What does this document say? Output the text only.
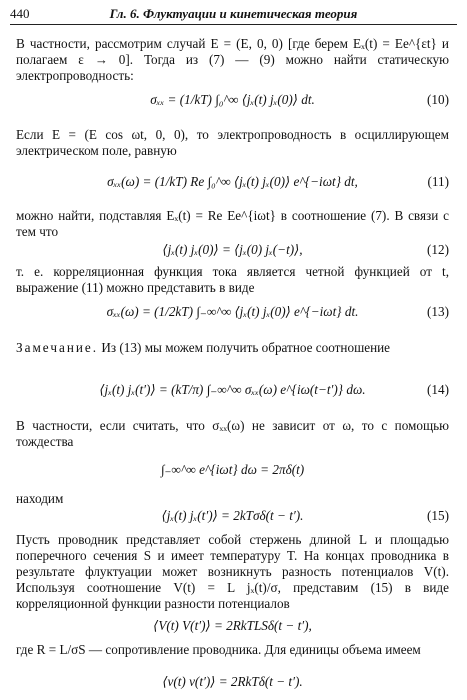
440	Гл. 6. Флуктуации и кинетическая теория
В частности, рассмотрим случай E = (E, 0, 0) [где берем Eₓ(t) = Ee^{εt} и полагаем ε → 0]. Тогда из (7) — (9) можно найти статическую электропроводность:
σₓₓ = (1/kT) ∫₀^∞ ⟨jₓ(t) jₓ(0)⟩ dt.	(10)
Если E = (E cos ωt, 0, 0), то электропроводность в осциллирующем электрическом поле, равную
σₓₓ(ω) = (1/kT) Re ∫₀^∞ ⟨jₓ(t) jₓ(0)⟩ e^{−iωt} dt,	(11)
можно найти, подставляя Eₓ(t) = Re Ee^{iωt} в соотношение (7). В связи с тем что
⟨jₓ(t) jₓ(0)⟩ = ⟨jₓ(0) jₓ(−t)⟩,	(12)
т. е. корреляционная функция тока является четной функцией от t, выражение (11) можно представить в виде
σₓₓ(ω) = (1/2kT) ∫₋∞^∞ ⟨jₓ(t) jₓ(0)⟩ e^{−iωt} dt.	(13)
Замечание. Из (13) мы можем получить обратное соотношение
⟨jₓ(t) jₓ(t′)⟩ = (kT/π) ∫₋∞^∞ σₓₓ(ω) e^{iω(t−t′)} dω.	(14)
В частности, если считать, что σₓₓ(ω) не зависит от ω, то с помощью тождества
∫₋∞^∞ e^{iωt} dω = 2πδ(t)
находим
⟨jₓ(t) jₓ(t′)⟩ = 2kTσδ(t − t′).	(15)
Пусть проводник представляет собой стержень длиной L и площадью поперечного сечения S и имеет температуру T. На концах проводника в результате флуктуации может возникнуть разность потенциалов V(t). Используя соотношение V(t) = L jₓ(t)/σ, представим (15) в виде корреляционной функции разности потенциалов
⟨V(t) V(t′)⟩ = 2RkTLSδ(t − t′),
где R = L/σS — сопротивление проводника. Для единицы объема имеем
⟨v(t) v(t′)⟩ = 2RkTδ(t − t′).
